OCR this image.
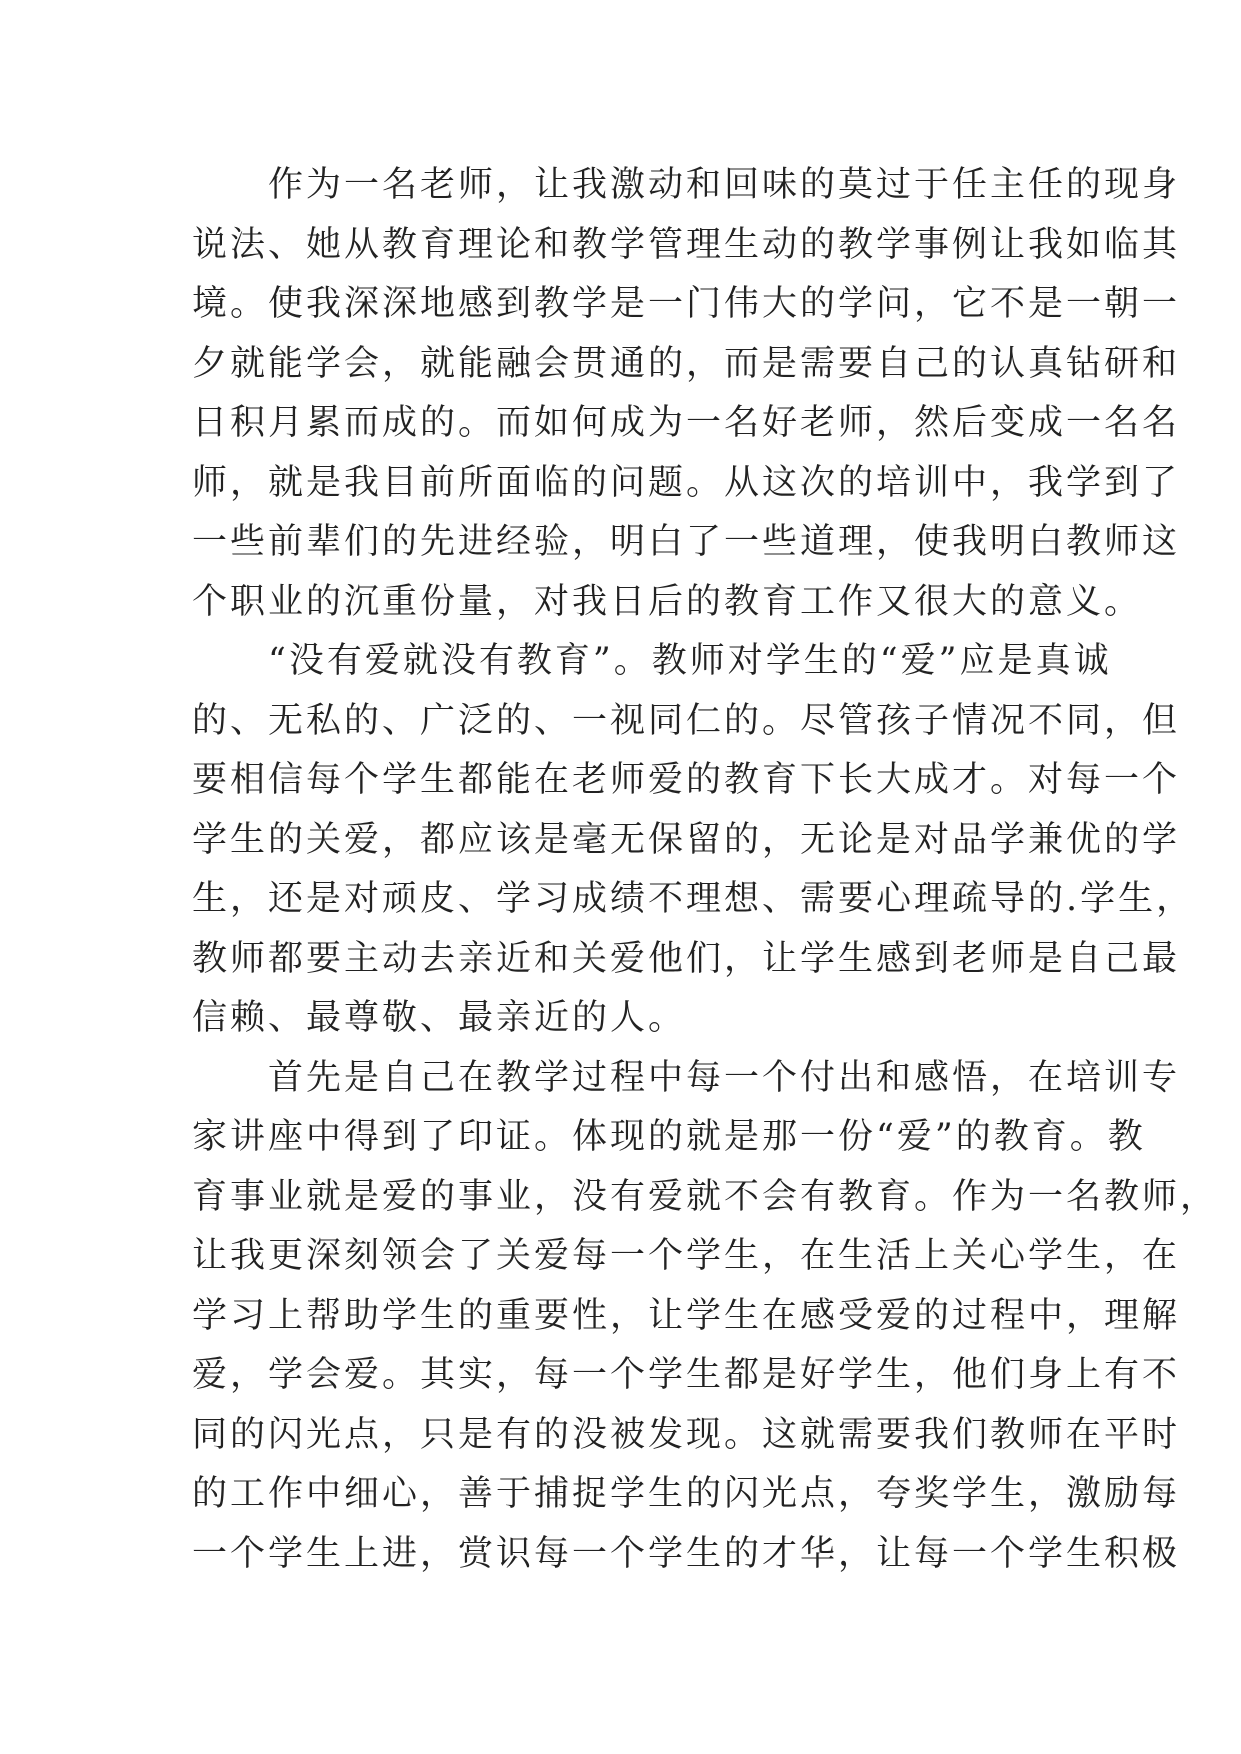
　　作为一名老师，让我激动和回味的莫过于任主任的现身
说法、她从教育理论和教学管理生动的教学事例让我如临其
境。使我深深地感到教学是一门伟大的学问，它不是一朝一
夕就能学会，就能融会贯通的，而是需要自己的认真钻研和
日积月累而成的。而如何成为一名好老师，然后变成一名名
师，就是我目前所面临的问题。从这次的培训中，我学到了
一些前辈们的先进经验，明白了一些道理，使我明白教师这
个职业的沉重份量，对我日后的教育工作又很大的意义。

　　“没有爱就没有教育”。教师对学生的“爱”应是真诚
的、无私的、广泛的、一视同仁的。尽管孩子情况不同，但
要相信每个学生都能在老师爱的教育下长大成才。对每一个
学生的关爱，都应该是毫无保留的，无论是对品学兼优的学
生，还是对顽皮、学习成绩不理想、需要心理疏导的.学生，
教师都要主动去亲近和关爱他们，让学生感到老师是自己最
信赖、最尊敬、最亲近的人。

　　首先是自己在教学过程中每一个付出和感悟，在培训专
家讲座中得到了印证。体现的就是那一份“爱”的教育。教
育事业就是爱的事业，没有爱就不会有教育。作为一名教师，
让我更深刻领会了关爱每一个学生，在生活上关心学生，在
学习上帮助学生的重要性，让学生在感受爱的过程中，理解
爱，学会爱。其实，每一个学生都是好学生，他们身上有不
同的闪光点，只是有的没被发现。这就需要我们教师在平时
的工作中细心，善于捕捉学生的闪光点，夸奖学生，激励每
一个学生上进，赏识每一个学生的才华，让每一个学生积极
